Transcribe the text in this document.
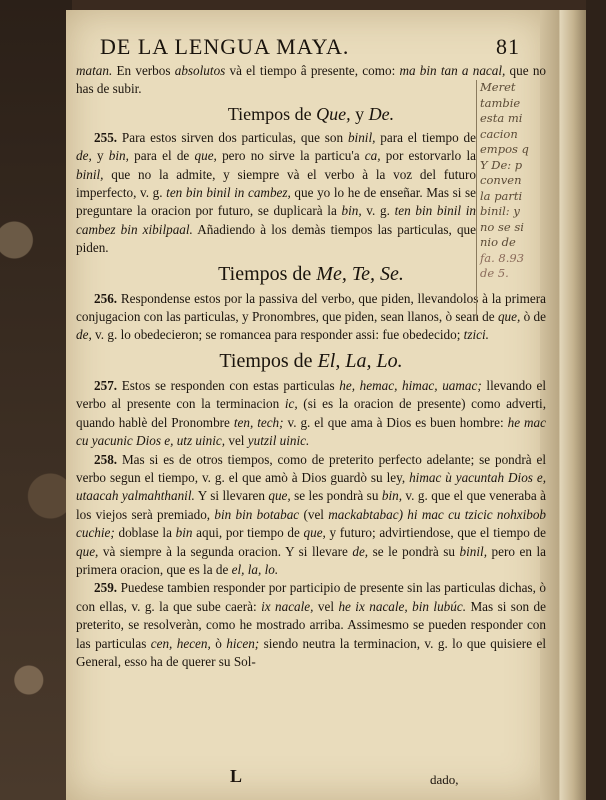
DE LA LENGUA MAYA.	81

matan. En verbos absolutos và el tiempo â presente, como: ma bin tan a nacal, que no has de subir.

Tiempos de Que, y De.

255. Para estos sirven dos particulas, que son binil, para el tiempo de de, y bin, para el de que, pero no sirve la particu'a ca, por estorvarlo la binil, que no la admite, y siempre và el verbo à la voz del futuro imperfecto, v. g. ten bin binil in cambez, que yo lo he de enseñar. Mas si se preguntare la oracion por futuro, se duplicarà la bin, v. g. ten bin binil in cambez bin xibilpaal. Añadiendo à los demàs tiempos las particulas, que piden.

Tiempos de Me, Te, Se.

256. Respondense estos por la passiva del verbo, que piden, llevandolos à la primera conjugacion con las particulas, y Pronombres, que piden, sean llanos, ò sean de que, ò de de, v. g. lo obedecieron; se romancea para responder assi: fue obedecido; tzici.

Tiempos de El, La, Lo.

257. Estos se responden con estas particulas he, hemac, himac, uamac; llevando el verbo al presente con la terminacion ic, (si es la oracion de presente) como adverti, quando hablè del Pronombre ten, tech; v. g. el que ama à Dios es buen hombre: he mac cu yacunic Dios e, utz uinic, vel yutzil uinic.

258. Mas si es de otros tiempos, como de preterito perfecto adelante; se pondrà el verbo segun el tiempo, v. g. el que amò à Dios guardò su ley, himac ù yacuntah Dios e, utaacah yalmahthanil. Y si llevaren que, se les pondrà su bin, v. g. que el que veneraba à los viejos serà premiado, bin bin botabac (vel mackabtabac) hi mac cu tzicic nohxibob cuchie; doblase la bin aqui, por tiempo de que, y futuro; advirtiendose, que el tiempo de que, và siempre à la segunda oracion. Y si llevare de, se le pondrà su binil, pero en la primera oracion, que es la de el, la, lo.

259. Puedese tambien responder por participio de presente sin las particulas dichas, ò con ellas, v. g. la que sube caerà: ix nacale, vel he ix nacale, bin lubúc. Mas si son de preterito, se resolveràn, como he mostrado arriba. Assimesmo se pueden responder con las particulas cen, hecen, ò hicen; siendo neutra la terminacion, v. g. lo que quisiere el General, esso ha de querer su Sol-

Meret
tambie
esta mi
cacion
empos q
Y De: p
conven
la parti
binil: y
no se si
nio de
fa. 8.93
de 5.
L	dado,
